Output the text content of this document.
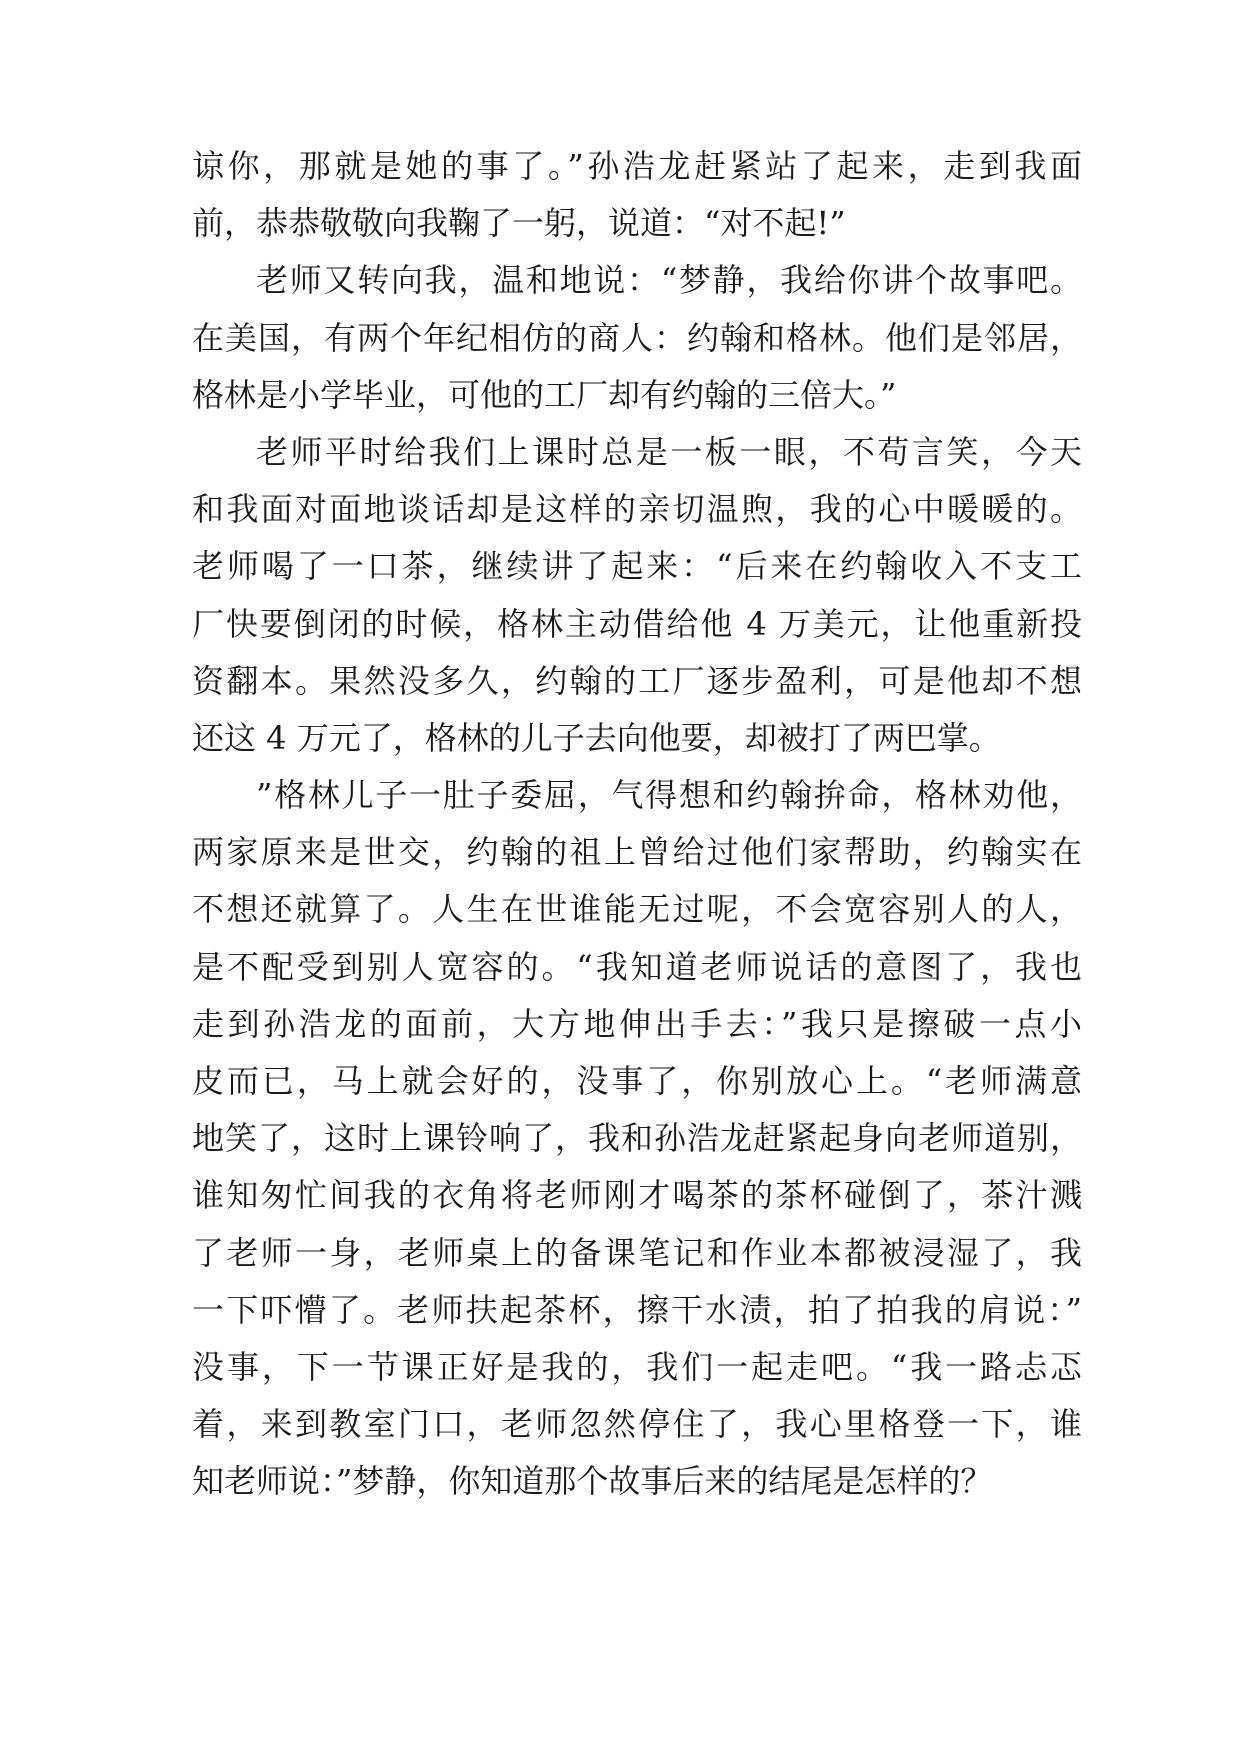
谅你，那就是她的事了。”孙浩龙赶紧站了起来，走到我面
前，恭恭敬敬向我鞠了一躬，说道：“对不起!”
老师又转向我，温和地说：“梦静，我给你讲个故事吧。
在美国，有两个年纪相仿的商人：约翰和格林。他们是邻居，
格林是小学毕业，可他的工厂却有约翰的三倍大。”
老师平时给我们上课时总是一板一眼，不苟言笑，今天
和我面对面地谈话却是这样的亲切温煦，我的心中暖暖的。
老师喝了一口茶，继续讲了起来：“后来在约翰收入不支工
厂快要倒闭的时候，格林主动借给他 4 万美元，让他重新投
资翻本。果然没多久，约翰的工厂逐步盈利，可是他却不想
还这 4 万元了，格林的儿子去向他要，却被打了两巴掌。
”格林儿子一肚子委屈，气得想和约翰拚命，格林劝他，
两家原来是世交，约翰的祖上曾给过他们家帮助，约翰实在
不想还就算了。人生在世谁能无过呢，不会宽容别人的人，
是不配受到别人宽容的。“我知道老师说话的意图了，我也
走到孙浩龙的面前，大方地伸出手去：”我只是擦破一点小
皮而已，马上就会好的，没事了，你别放心上。“老师满意
地笑了，这时上课铃响了，我和孙浩龙赶紧起身向老师道别，
谁知匆忙间我的衣角将老师刚才喝茶的茶杯碰倒了，茶汁溅
了老师一身，老师桌上的备课笔记和作业本都被浸湿了，我
一下吓懵了。老师扶起茶杯，擦干水渍，拍了拍我的肩说：”
没事，下一节课正好是我的，我们一起走吧。“我一路忐忑
着，来到教室门口，老师忽然停住了，我心里格登一下，谁
知老师说：”梦静，你知道那个故事后来的结尾是怎样的？
